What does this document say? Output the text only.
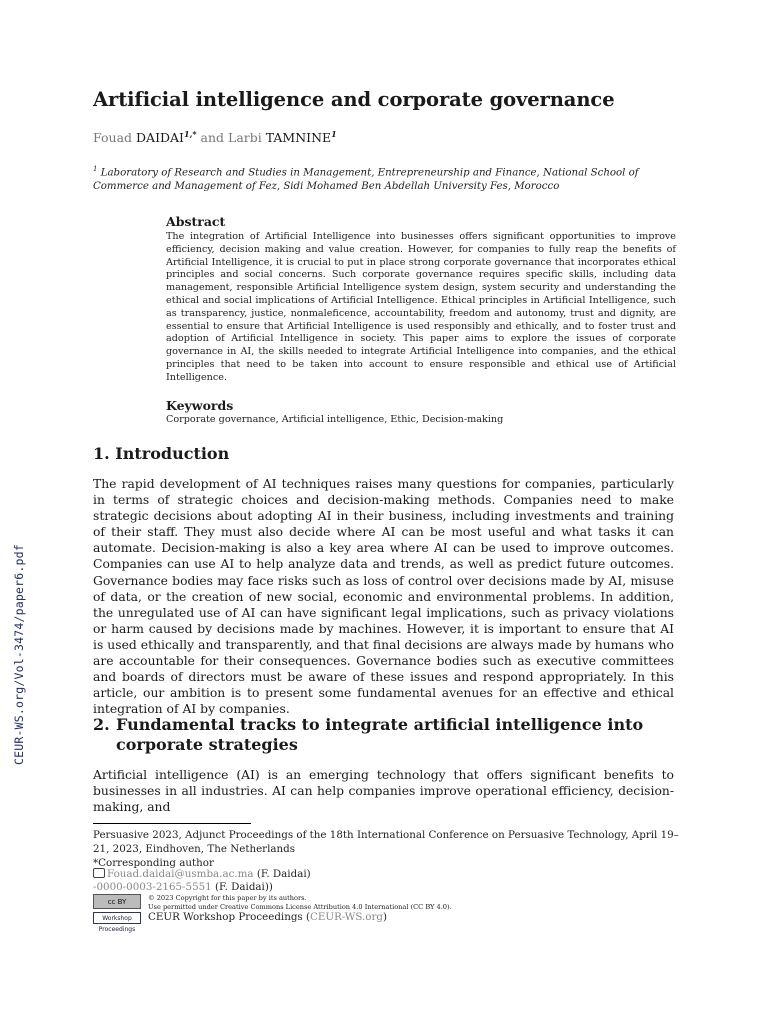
CEUR-WS.org/Vol-3474/paper6.pdf
Artificial intelligence and corporate governance
Fouad $DAIDAI^{1,*}$ and Larbi TAMNINE$^1$
$^1$ Laboratory of Research and Studies in Management, Entrepreneurship and Finance, National School of Commerce and Management of Fez, Sidi Mohamed Ben Abdellah University Fes, Morocco
Abstract
The integration of Artificial Intelligence into businesses offers significant opportunities to improve efficiency, decision making and value creation. However, for companies to fully reap the benefits of Artificial Intelligence, it is crucial to put in place strong corporate governance that incorporates ethical principles and social concerns. Such corporate governance requires specific skills, including data management, responsible Artificial Intelligence system design, system security and understanding the ethical and social implications of Artificial Intelligence. Ethical principles in Artificial Intelligence, such as transparency, justice, nonmaleficence, accountability, freedom and autonomy, trust and dignity, are essential to ensure that Artificial Intelligence is used responsibly and ethically, and to foster trust and adoption of Artificial Intelligence in society. This paper aims to explore the issues of corporate governance in AI, the skills needed to integrate Artificial Intelligence into companies, and the ethical principles that need to be taken into account to ensure responsible and ethical use of Artificial Intelligence.
Keywords
Corporate governance, Artificial intelligence, Ethic, Decision-making
1. Introduction
The rapid development of AI techniques raises many questions for companies, particularly in terms of strategic choices and decision-making methods. Companies need to make strategic decisions about adopting AI in their business, including investments and training of their staff. They must also decide where AI can be most useful and what tasks it can automate. Decision-making is also a key area where AI can be used to improve outcomes. Companies can use AI to help analyze data and trends, as well as predict future outcomes. Governance bodies may face risks such as loss of control over decisions made by AI, misuse of data, or the creation of new social, economic and environmental problems. In addition, the unregulated use of AI can have significant legal implications, such as privacy violations or harm caused by decisions made by machines. However, it is important to ensure that AI is used ethically and transparently, and that final decisions are always made by humans who are accountable for their consequences. Governance bodies such as executive committees and boards of directors must be aware of these issues and respond appropriately. In this article, our ambition is to present some fundamental avenues for an effective and ethical integration of AI by companies.
2. Fundamental tracks to integrate artificial intelligence into
corporate strategies
Artificial intelligence (AI) is an emerging technology that offers significant benefits to businesses in all industries. AI can help companies improve operational efficiency, decision-making, and
Persuasive 2023, Adjunct Proceedings of the 18th International Conference on Persuasive Technology, April 19–21, 2023, Eindhoven, The Netherlands
*Corresponding author
Fouad.daidai@usmba.ac.ma (F. Daidai)
-0000-0003-2165-5551 (F. Daidai))
cc BY	© 2023 Copyright for this paper by its authors.
Use permitted under Creative Commons License Attribution 4.0 International (CC BY 4.0).
Workshop Proceedings
CEUR Workshop Proceedings (CEUR-WS.org)
